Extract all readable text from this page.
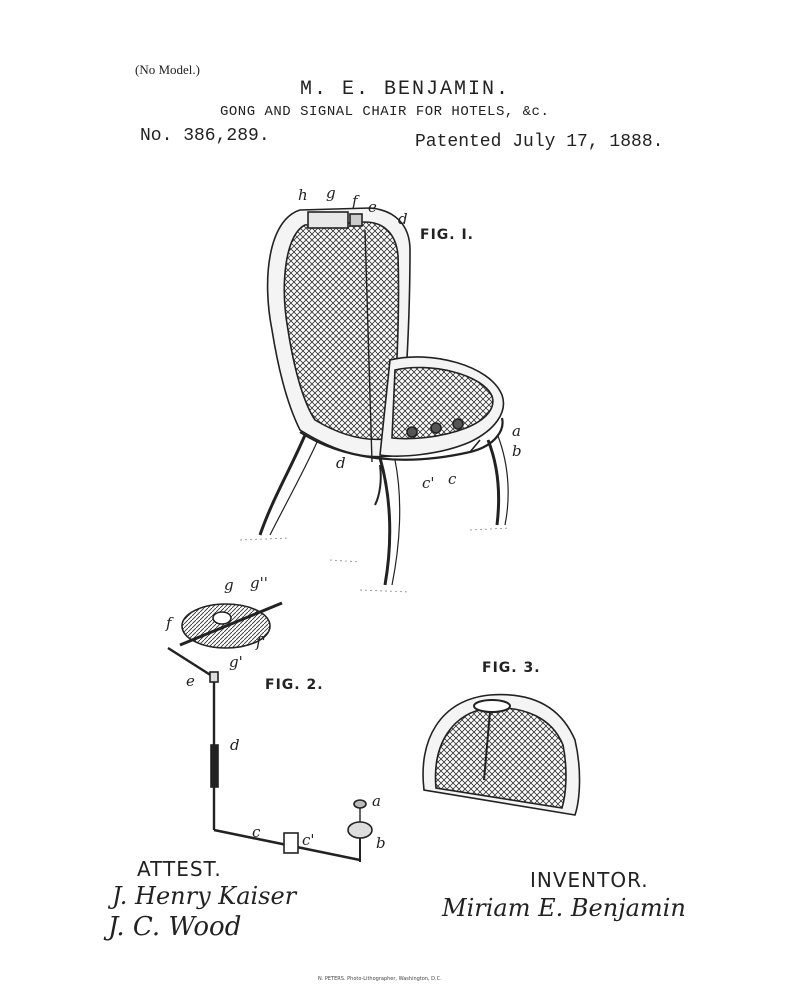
(No Model.)
M. E. BENJAMIN.
GONG AND SIGNAL CHAIR FOR HOTELS, &c.
No. 386,289.	Patented July 17, 1888.
FIG. I.
FIG. 2.
FIG. 3.
h g f e
d
a
b
d
c' c
g g''
f
f'
g'
e
d
a
b
c	c'
ATTEST.
J. Henry Kaiser
J. C. Wood
INVENTOR.
Miriam E. Benjamin
N. PETERS. Photo-Lithographer, Washington, D.C.
